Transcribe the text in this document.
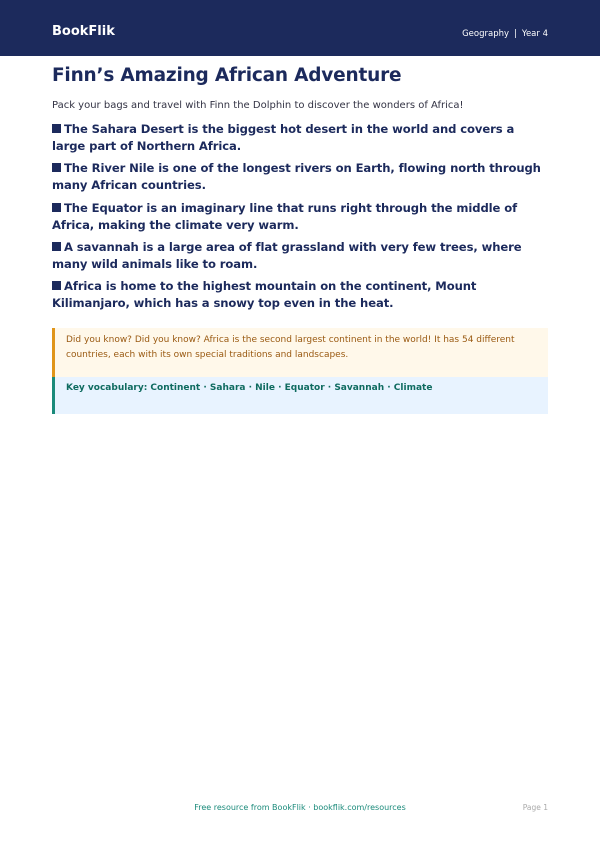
BookFlik	Geography | Year 4
Finn’s Amazing African Adventure
Pack your bags and travel with Finn the Dolphin to discover the wonders of Africa!
The Sahara Desert is the biggest hot desert in the world and covers a large part of Northern Africa.
The River Nile is one of the longest rivers on Earth, flowing north through many African countries.
The Equator is an imaginary line that runs right through the middle of Africa, making the climate very warm.
A savannah is a large area of flat grassland with very few trees, where many wild animals like to roam.
Africa is home to the highest mountain on the continent, Mount Kilimanjaro, which has a snowy top even in the heat.
Did you know? Did you know? Africa is the second largest continent in the world! It has 54 different countries, each with its own special traditions and landscapes.
Key vocabulary: Continent · Sahara · Nile · Equator · Savannah · Climate
Free resource from BookFlik · bookflik.com/resources	Page 1
